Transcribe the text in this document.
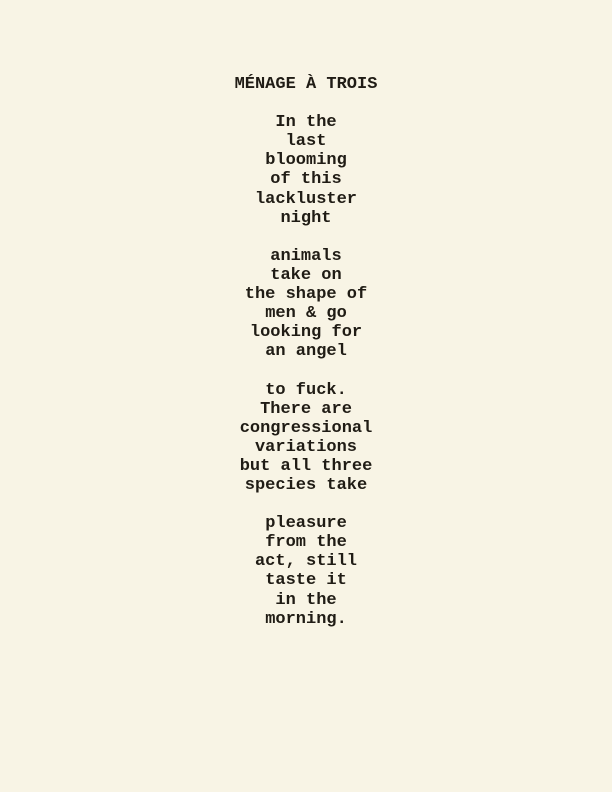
MÉNAGE À TROIS
In the
last
blooming
of this
lackluster
night
animals
take on
the shape of
men & go
looking for
an angel
to fuck.
There are
congressional
variations
but all three
species take
pleasure
from the
act, still
taste it
in the
morning.
